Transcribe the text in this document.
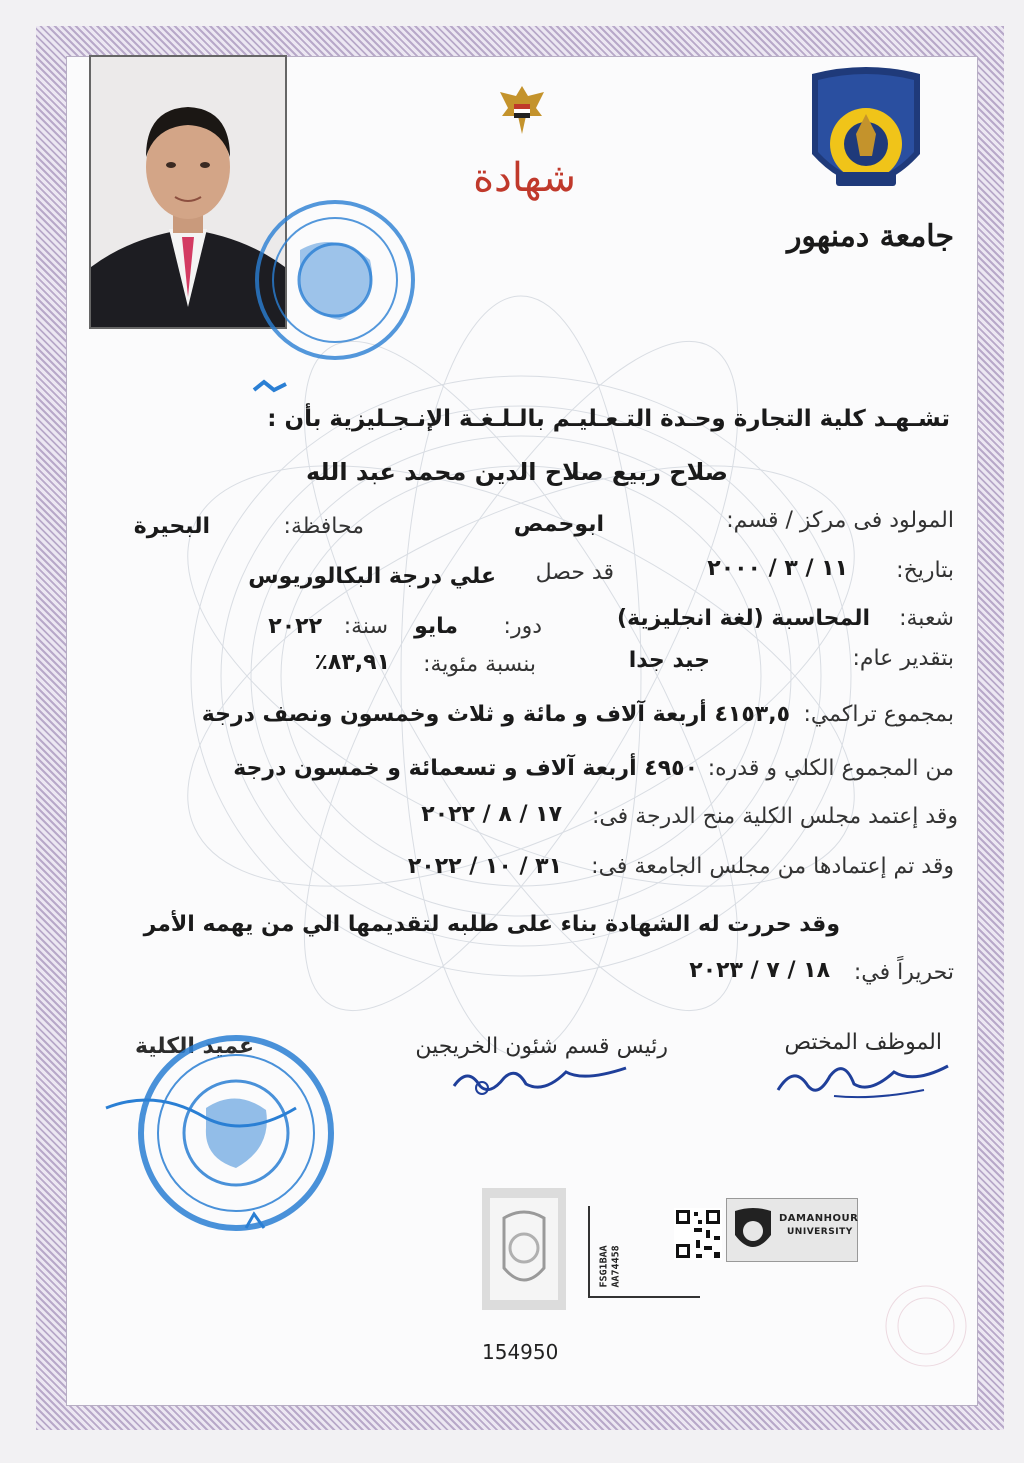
شهادة
جامعة دمنهور
تشـهـد كلية التجارة وحـدة التـعـليـم بالـلـغـة الإنـجـليزية بأن :
صلاح ربيع صلاح الدين محمد عبد الله
المولود فى مركز / قسم:
ابوحمص
محافظة:
البحيرة
بتاريخ:
١١ / ٣ / ٢٠٠٠
قد حصل
علي درجة البكالوريوس
شعبة:
المحاسبة (لغة انجليزية)
دور:
مايو
سنة:
٢٠٢٢
بتقدير عام:
جيد جدا
بنسبة مئوية:
٨٣,٩١٪
بمجموع تراكمي:
٤١٥٣,٥ أربعة آلاف و مائة و ثلاث وخمسون ونصف درجة
من المجموع الكلي و قدره:
٤٩٥٠ أربعة آلاف و تسعمائة و خمسون درجة
وقد إعتمد مجلس الكلية منح الدرجة فى:
١٧ / ٨ / ٢٠٢٢
وقد تم إعتمادها من مجلس الجامعة فى:
٣١ / ١٠ / ٢٠٢٢
وقد حررت له الشهادة بناء على طلبه لتقديمها الي من يهمه الأمر
تحريراً في:
١٨ / ٧ / ٢٠٢٣
الموظف المختص
رئيس قسم شئون الخريجين
عميد الكلية
FSG1BAA AA74458
DAMANHOUR
UNIVERSITY
154950
